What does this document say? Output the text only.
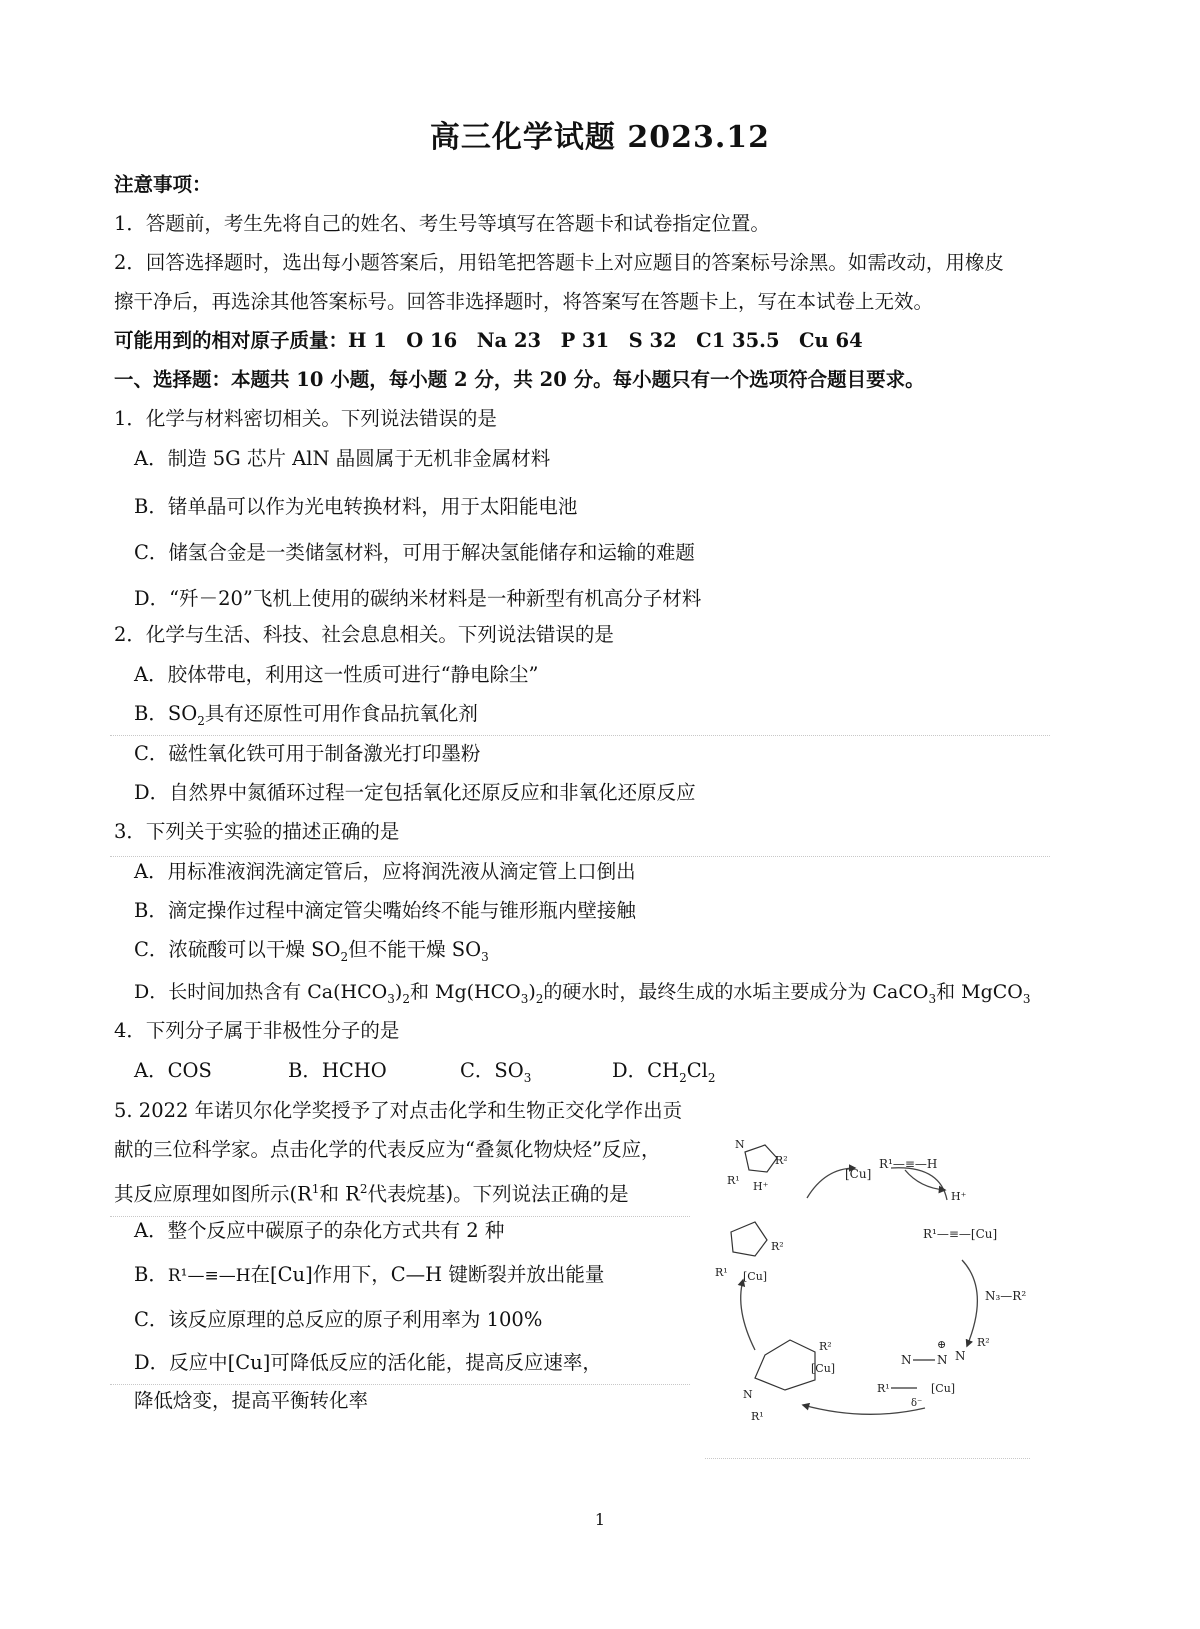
高三化学试题 2023.12
注意事项：
1．答题前，考生先将自己的姓名、考生号等填写在答题卡和试卷指定位置。
2．回答选择题时，选出每小题答案后，用铅笔把答题卡上对应题目的答案标号涂黑。如需改动，用橡皮
擦干净后，再选涂其他答案标号。回答非选择题时，将答案写在答题卡上，写在本试卷上无效。
可能用到的相对原子质量：H 1　O 16　Na 23　P 31　S 32　C1 35.5　Cu 64
一、选择题：本题共 10 小题，每小题 2 分，共 20 分。每小题只有一个选项符合题目要求。
1．化学与材料密切相关。下列说法错误的是
A．制造 5G 芯片 AlN 晶圆属于无机非金属材料
B．锗单晶可以作为光电转换材料，用于太阳能电池
C．储氢合金是一类储氢材料，可用于解决氢能储存和运输的难题
D．“歼－20”飞机上使用的碳纳米材料是一种新型有机高分子材料
2．化学与生活、科技、社会息息相关。下列说法错误的是
A．胶体带电，利用这一性质可进行“静电除尘”
B．$SO_2$具有还原性可用作食品抗氧化剂
C．磁性氧化铁可用于制备激光打印墨粉
D．自然界中氮循环过程一定包括氧化还原反应和非氧化还原反应
3．下列关于实验的描述正确的是
A．用标准液润洗滴定管后，应将润洗液从滴定管上口倒出
B．滴定操作过程中滴定管尖嘴始终不能与锥形瓶内壁接触
C．浓硫酸可以干燥 $SO_2$但不能干燥 $SO_3$
D．长时间加热含有 $Ca(HCO_3)_2$和 $Mg(HCO_3)_2$的硬水时，最终生成的水垢主要成分为 CaCO$_3$和 MgCO$_3$
4．下列分子属于非极性分子的是
A．COS	B．HCHO	C．$SO_3$	D．$CH_2Cl_2$
5. 2022 年诺贝尔化学奖授予了对点击化学和生物正交化学作出贡
献的三位科学家。点击化学的代表反应为“叠氮化物炔烃”反应，
其反应原理如图所示($R^1$和 $R^2$代表烷基)。下列说法正确的是
A．整个反应中碳原子的杂化方式共有 2 种
B．R¹—≡—H在[Cu]作用下，C—H 键断裂并放出能量
C．该反应原理的总反应的原子利用率为 100%
D．反应中[Cu]可降低反应的活化能，提高反应速率，
降低焓变，提高平衡转化率
[Cu]
R¹—≡—H
H⁺
R¹—≡—[Cu]
N₃—R²
N
R²
R¹ H⁺
R²
R¹ [Cu]
R²
[Cu]
N
R¹
N N
⊕
N
R²
R¹	[Cu]
δ⁻
1
